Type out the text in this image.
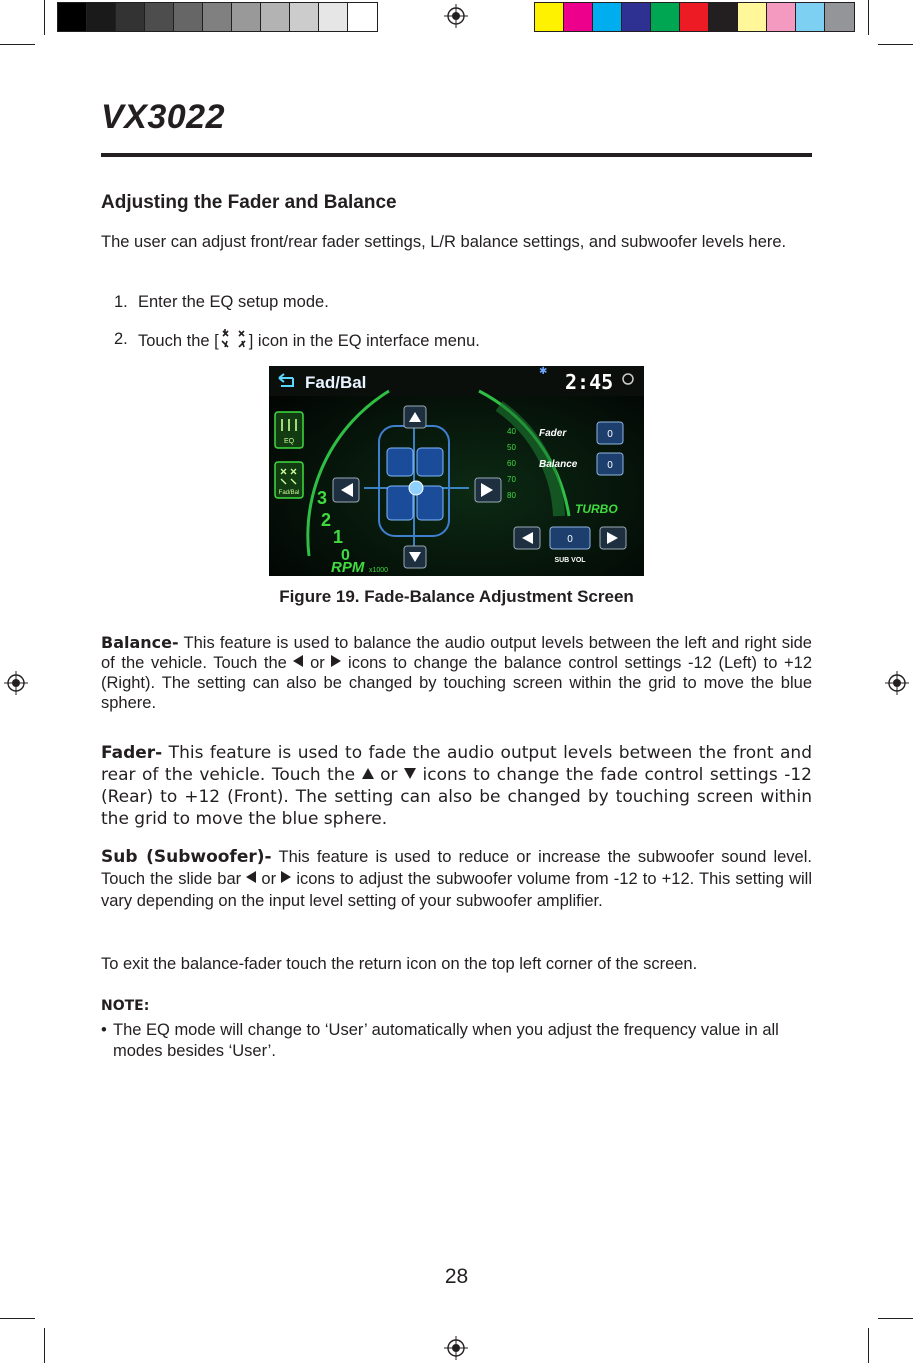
VX3022
Adjusting the Fader and Balance
The user can adjust front/rear fader settings, L/R balance settings, and subwoofer levels here.
1. Enter the EQ setup mode.
2. Touch the [ ] icon in the EQ interface menu.
Fad/Bal
✱ 2:45
EQ
Fad/Bal 3
2
1
0
RPM x1000
40
50
60
70
80
TURBO
Fader	0
Balance	0
0
SUB VOL
Figure 19. Fade-Balance Adjustment Screen
Balance- This feature is used to balance the audio output levels between the left and right side of the vehicle. Touch the  or  icons to change the balance control settings -12 (Left) to +12 (Right). The setting can also be changed by touching screen within the grid to move the blue sphere.
Fader- This feature is used to fade the audio output levels between the front and rear of the vehicle. Touch the  or  icons to change the fade control settings -12 (Rear) to +12 (Front). The setting can also be changed by touching screen within the grid to move the blue sphere.
Sub (Subwoofer)- This feature is used to reduce or increase the subwoofer sound level. Touch the slide bar  or  icons to adjust the subwoofer volume from -12 to +12. This setting will vary depending on the input level setting of your subwoofer amplifier.
To exit the balance-fader touch the return icon on the top left corner of the screen.
NOTE:
• The EQ mode will change to ‘User’ automatically when you adjust the frequency value in all modes besides ‘User’.
28
